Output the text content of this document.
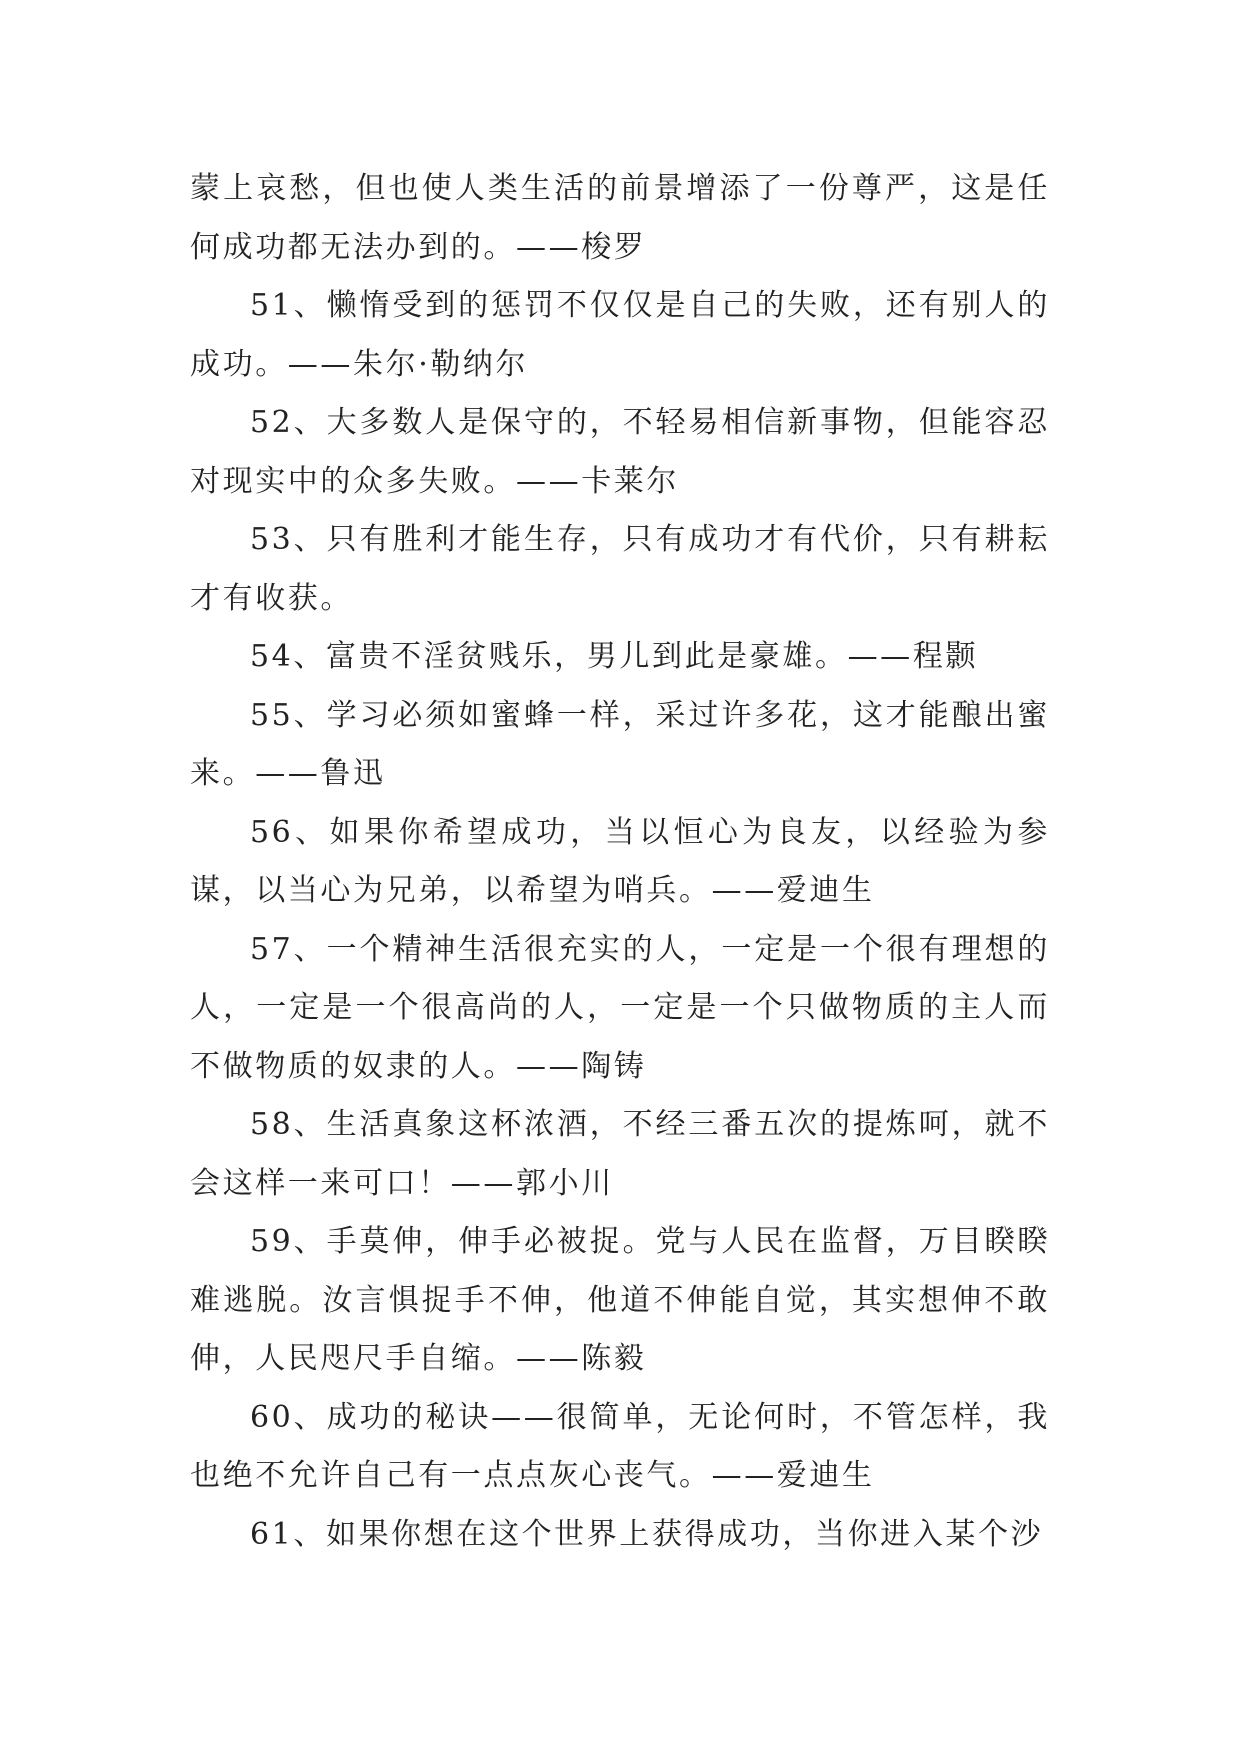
蒙上哀愁，但也使人类生活的前景增添了一份尊严，这是任何成功都无法办到的。——梭罗

51、懒惰受到的惩罚不仅仅是自己的失败，还有别人的成功。——朱尔·勒纳尔

52、大多数人是保守的，不轻易相信新事物，但能容忍对现实中的众多失败。——卡莱尔

53、只有胜利才能生存，只有成功才有代价，只有耕耘才有收获。

54、富贵不淫贫贱乐，男儿到此是豪雄。——程颢

55、学习必须如蜜蜂一样，采过许多花，这才能酿出蜜来。——鲁迅

56、如果你希望成功，当以恒心为良友，以经验为参谋，以当心为兄弟，以希望为哨兵。——爱迪生

57、一个精神生活很充实的人，一定是一个很有理想的人，一定是一个很高尚的人，一定是一个只做物质的主人而不做物质的奴隶的人。——陶铸

58、生活真象这杯浓酒，不经三番五次的提炼呵，就不会这样一来可口！——郭小川

59、手莫伸，伸手必被捉。党与人民在监督，万目睽睽难逃脱。汝言惧捉手不伸，他道不伸能自觉，其实想伸不敢伸，人民咫尺手自缩。——陈毅

60、成功的秘诀——很简单，无论何时，不管怎样，我也绝不允许自己有一点点灰心丧气。——爱迪生

61、如果你想在这个世界上获得成功，当你进入某个沙
